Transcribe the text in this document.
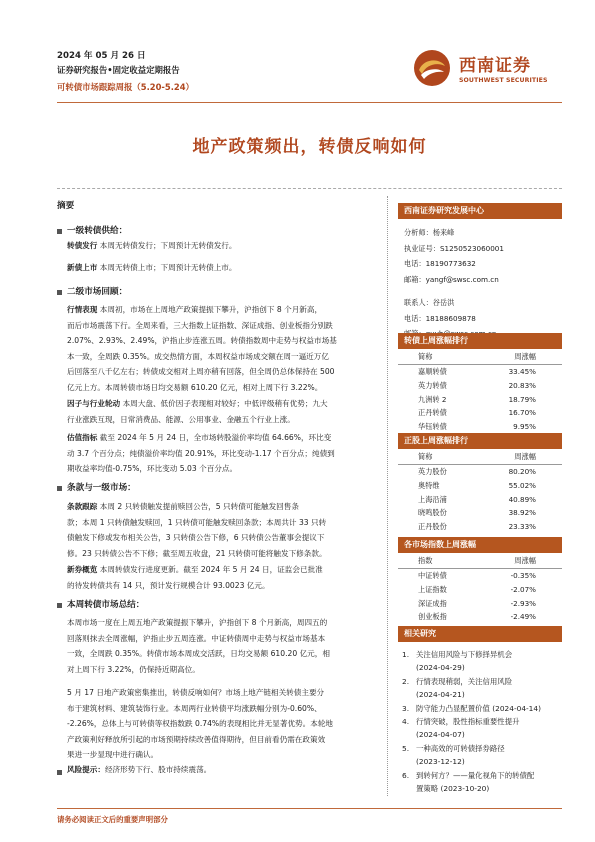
2024 年 05 月 26 日
证券研究报告•固定收益定期报告
可转债市场跟踪周报（5.20-5.24）
西南证券
SOUTHWEST SECURITIES
地产政策频出，转债反响如何
摘要
一级转债供给：
转债发行 本周无转债发行；下周预计无转债发行。
新债上市 本周无转债上市；下周预计无转债上市。
二级市场回顾：
行情表现 本周初，市场在上周地产政策提振下攀升，沪指创下 8 个月新高，
而后市场震荡下行。全周来看，三大指数上证指数、深证成指、创业板指分别跌
2.07%、2.93%、2.49%，沪指止步连涨五周。转债指数周中走势与权益市场基
本一致，全周跌 0.35%。成交热情方面，本周权益市场成交额在周一逼近万亿
后回落至八千亿左右；转债成交相对上周亦稍有回落，但全周仍总体保持在 500
亿元上方。本周转债市场日均交易额 610.20 亿元，相对上周下行 3.22%。
因子与行业轮动 本周大盘、低价因子表现相对较好；中低评级稍有优势；九大
行业涨跌互现，日常消费品、能源、公用事业、金融五个行业上涨。
估值指标 截至 2024 年 5 月 24 日，全市场转股溢价率均值 64.66%，环比变
动 3.7 个百分点；纯债溢价率均值 20.91%，环比变动-1.17 个百分点；纯债到
期收益率均值-0.75%，环比变动 5.03 个百分点。
条款与一级市场：
条款跟踪 本周 2 只转债触发提前赎回公告，5 只转债可能触发回售条
款；本周 1 只转债触发赎回，1 只转债可能触发赎回条款；本周共计 33 只转
债触发下修或发布相关公告，3 只转债公告下修，6 只转债公告董事会提议下
修。23 只转债公告不下修；截至周五收盘，21 只转债可能将触发下修条款。
新券概览 本周转债发行进度更新。截至 2024 年 5 月 24 日，证监会已批准
的待发转债共有 14 只，预计发行规模合计 93.0023 亿元。
本周转债市场总结：
本周市场一度在上周五地产政策提振下攀升，沪指创下 8 个月新高，周四五的
回落则抹去全周涨幅，沪指止步五周连涨。中证转债周中走势与权益市场基本
一致，全周跌 0.35%。转债市场本周成交活跃，日均交易额 610.20 亿元，相
对上周下行 3.22%，仍保持近期高位。
5 月 17 日地产政策密集推出，转债反响如何？市场上地产链相关转债主要分
布于建筑材料、建筑装饰行业。本周两行业转债平均涨跌幅分别为-0.60%、
-2.26%，总体上与可转债等权指数跌 0.74%的表现相比并无显著优势。本轮地
产政策利好释放所引起的市场预期持续改善值得期待，但目前看仍需在政策效
果进一步显现中进行确认。
风险提示：经济形势下行、股市持续震荡。
西南证券研究发展中心
分析师：杨来峰
执业证号：S1250523060001
电话：18190773632
邮箱：yangf@swsc.com.cn
联系人：谷岳洪
电话：18188609878
转债上周涨幅排行
简称	周涨幅
嘉顺转债	33.45%
英力转债	20.83%
九洲转 2	18.79%
正丹转债	16.70%
华钰转债	9.95%
正股上周涨幅排行
简称	周涨幅
英力股份	80.20%
奥特维	55.02%
上海沿浦	40.89%
晓鸣股份	38.92%
正丹股份	23.33%
各市场指数上周涨幅
指数	周涨幅
中证转债	-0.35%
上证指数	-2.07%
深证成指	-2.93%
创业板指	-2.49%
相关研究
1. 关注信用风险与下修择异机会
(2024-04-29)
2. 行情表现稍弱，关注信用风险
(2024-04-21)
3. 防守能力凸显配置价值 (2024-04-14)
4. 行情突破，股性指标重要性提升
(2024-04-07)
5. 一种高效的可转债择券路径
(2023-12-12)
6. 到转何方？——量化视角下的转债配
置策略 (2023-10-20)
请务必阅读正文后的重要声明部分
